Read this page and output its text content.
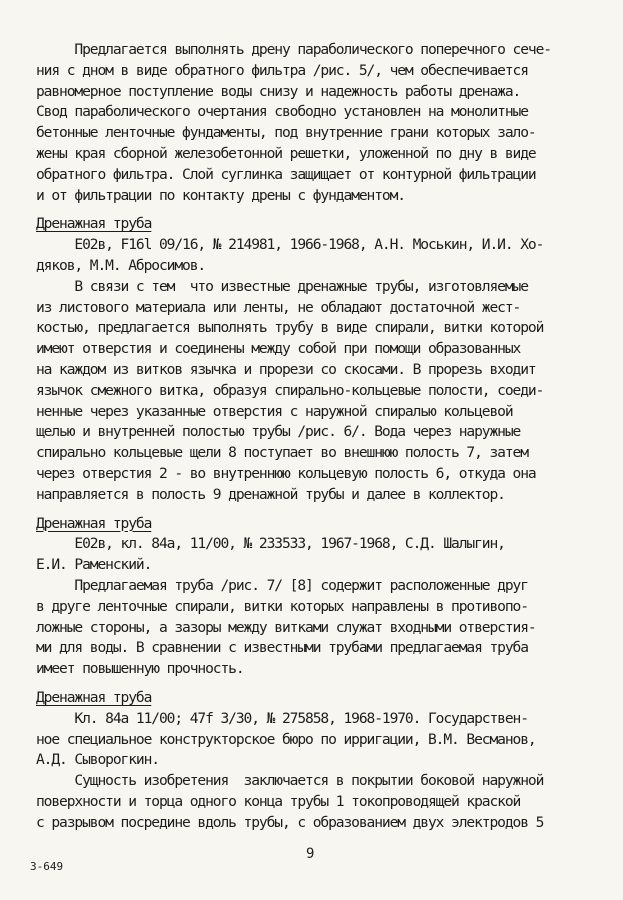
Предлагается выполнять дрену параболического поперечного сече-
ния с дном в виде обратного фильтра /рис. 5/, чем обеспечивается
равномерное поступление воды снизу и надежность работы дренажа.
Свод параболического очертания свободно установлен на монолитные
бетонные ленточные фундаменты, под внутренние грани которых зало-
жены края сборной железобетонной решетки, уложенной по дну в виде
обратного фильтра. Слой суглинка защищает от контурной фильтрации
и от фильтрации по контакту дрены с фундаментом.
Дренажная труба
Е02в, F16l 09/16, № 214981, 1966-1968, А.Н. Моськин, И.И. Хо-
дяков, М.М. Абросимов.
В связи с тем  что известные дренажные трубы, изготовляемые
из листового материала или ленты, не обладают достаточной жест-
костью, предлагается выполнять трубу в виде спирали, витки которой
имеют отверстия и соединены между собой при помощи образованных
на каждом из витков язычка и прорези со скосами. В прорезь входит
язычок смежного витка, образуя спирально-кольцевые полости, соеди-
ненные через указанные отверстия с наружной спиралью кольцевой
щелью и внутренней полостью трубы /рис. 6/. Вода через наружные
спирально кольцевые щели 8 поступает во внешнюю полость 7, затем
через отверстия 2 - во внутреннюю кольцевую полость 6, откуда она
направляется в полость 9 дренажной трубы и далее в коллектор.
Дренажная труба
Е02в, кл. 84а, 11/00, № 233533, 1967-1968, С.Д. Шалыгин,
Е.И. Раменский.
Предлагаемая труба /рис. 7/ [8] содержит расположенные друг
в друге ленточные спирали, витки которых направлены в противопо-
ложные стороны, а зазоры между витками служат входными отверстия-
ми для воды. В сравнении с известными трубами предлагаемая труба
имеет повышенную прочность.
Дренажная труба
Кл. 84а 11/00; 47f 3/30, № 275858, 1968-1970. Государствен-
ное специальное конструкторское бюро по ирригации, В.М. Весманов,
А.Д. Сыворогкин.
Сущность изобретения  заключается в покрытии боковой наружной
поверхности и торца одного конца трубы 1 токопроводящей краской
с разрывом посредине вдоль трубы, с образованием двух электродов 5
9
3-649
